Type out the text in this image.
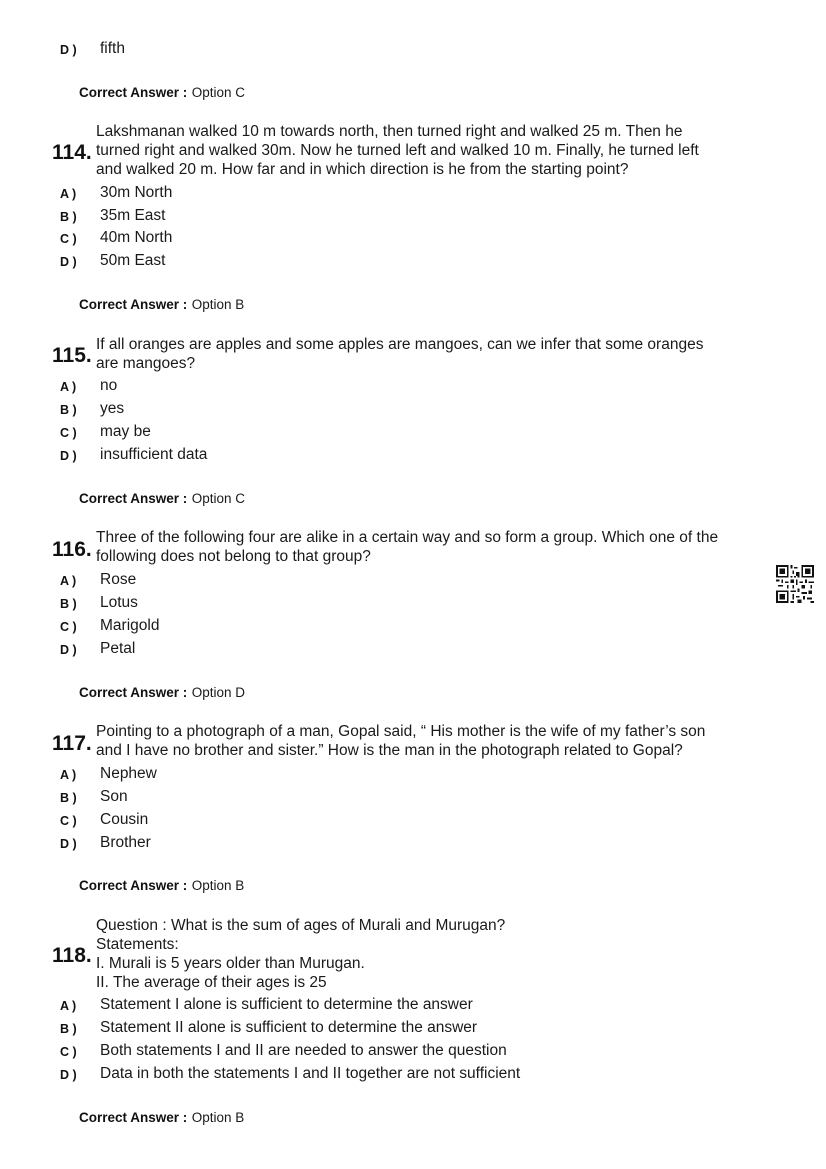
D ) fifth
Correct Answer : Option C
114.
Lakshmanan walked 10 m towards north, then turned right and walked 25 m. Then he
turned right and walked 30m. Now he turned left and walked 10 m. Finally, he turned left
and walked 20 m. How far and in which direction is he from the starting point?
A ) 30m North
B ) 35m East
C ) 40m North
D ) 50m East
Correct Answer : Option B
115. If all oranges are apples and some apples are mangoes, can we infer that some oranges
are mangoes?
A ) no
B ) yes
C ) may be
D ) insufficient data
Correct Answer : Option C
116.
Three of the following four are alike in a certain way and so form a group. Which one of the
following does not belong to that group?
A ) Rose
B ) Lotus
C ) Marigold
D ) Petal
Correct Answer : Option D
117.
Pointing to a photograph of a man, Gopal said, “ His mother is the wife of my father’s son
and I have no brother and sister.” How is the man in the photograph related to Gopal?
A ) Nephew
B ) Son
C ) Cousin
D ) Brother
Correct Answer : Option B
118.
Question : What is the sum of ages of Murali and Murugan?
Statements:
I. Murali is 5 years older than Murugan.
II. The average of their ages is 25
A ) Statement I alone is sufficient to determine the answer
B ) Statement II alone is sufficient to determine the answer
C ) Both statements I and II are needed to answer the question
D ) Data in both the statements I and II together are not sufficient
Correct Answer : Option B
